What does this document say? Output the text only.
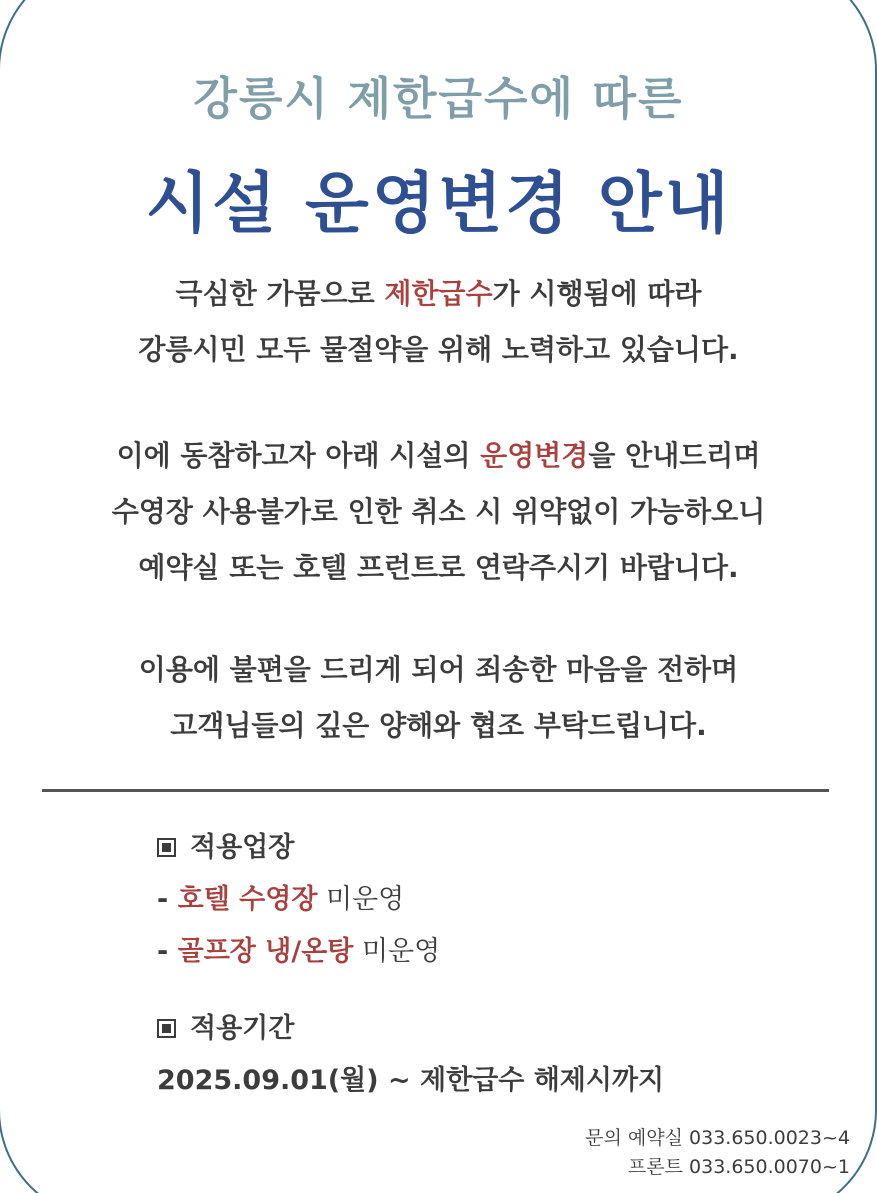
강릉시 제한급수에 따른
시설 운영변경 안내
극심한 가뭄으로 제한급수가 시행됨에 따라
강릉시민 모두 물절약을 위해 노력하고 있습니다.
이에 동참하고자 아래 시설의 운영변경을 안내드리며
수영장 사용불가로 인한 취소 시 위약없이 가능하오니
예약실 또는 호텔 프런트로 연락주시기 바랍니다.
이용에 불편을 드리게 되어 죄송한 마음을 전하며
고객님들의 깊은 양해와 협조 부탁드립니다.
적용업장
- 호텔 수영장 미운영
- 골프장 냉/온탕 미운영
적용기간
2025.09.01(월) ~ 제한급수 해제시까지
문의 예약실 033.650.0023~4
프론트 033.650.0070~1
